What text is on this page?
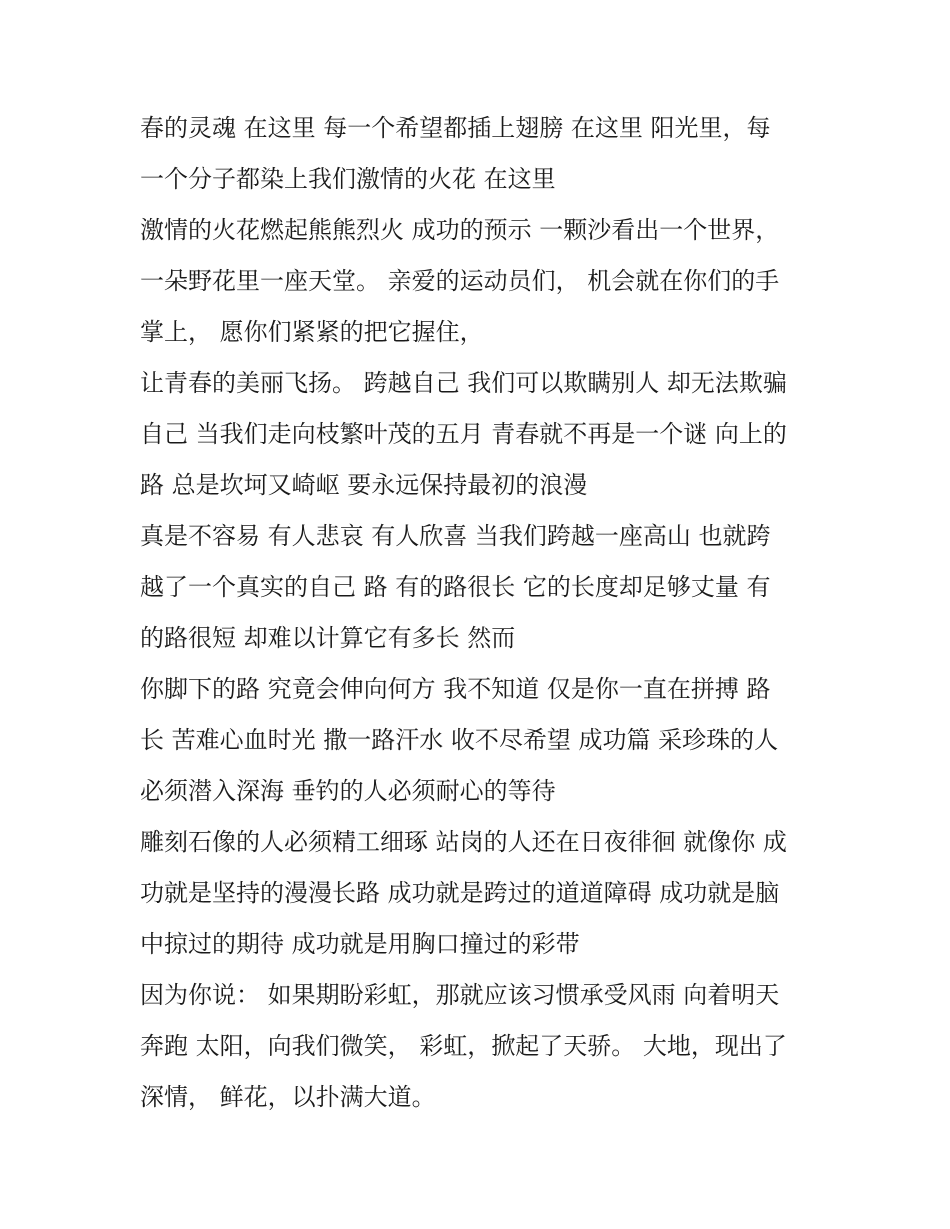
春的灵魂 在这里 每一个希望都插上翅膀 在这里 阳光里，每
一个分子都染上我们激情的火花 在这里
激情的火花燃起熊熊烈火 成功的预示 一颗沙看出一个世界，
一朵野花里一座天堂。 亲爱的运动员们， 机会就在你们的手
掌上， 愿你们紧紧的把它握住，
让青春的美丽飞扬。 跨越自己 我们可以欺瞒别人 却无法欺骗
自己 当我们走向枝繁叶茂的五月 青春就不再是一个谜 向上的
路 总是坎坷又崎岖 要永远保持最初的浪漫
真是不容易 有人悲哀 有人欣喜 当我们跨越一座高山 也就跨
越了一个真实的自己 路 有的路很长 它的长度却足够丈量 有
的路很短 却难以计算它有多长 然而
你脚下的路 究竟会伸向何方 我不知道 仅是你一直在拼搏 路
长 苦难心血时光 撒一路汗水 收不尽希望 成功篇 采珍珠的人
必须潜入深海 垂钓的人必须耐心的等待
雕刻石像的人必须精工细琢 站岗的人还在日夜徘徊 就像你 成
功就是坚持的漫漫长路 成功就是跨过的道道障碍 成功就是脑
中掠过的期待 成功就是用胸口撞过的彩带
因为你说： 如果期盼彩虹，那就应该习惯承受风雨 向着明天
奔跑 太阳，向我们微笑， 彩虹，掀起了天骄。 大地，现出了
深情， 鲜花，以扑满大道。
